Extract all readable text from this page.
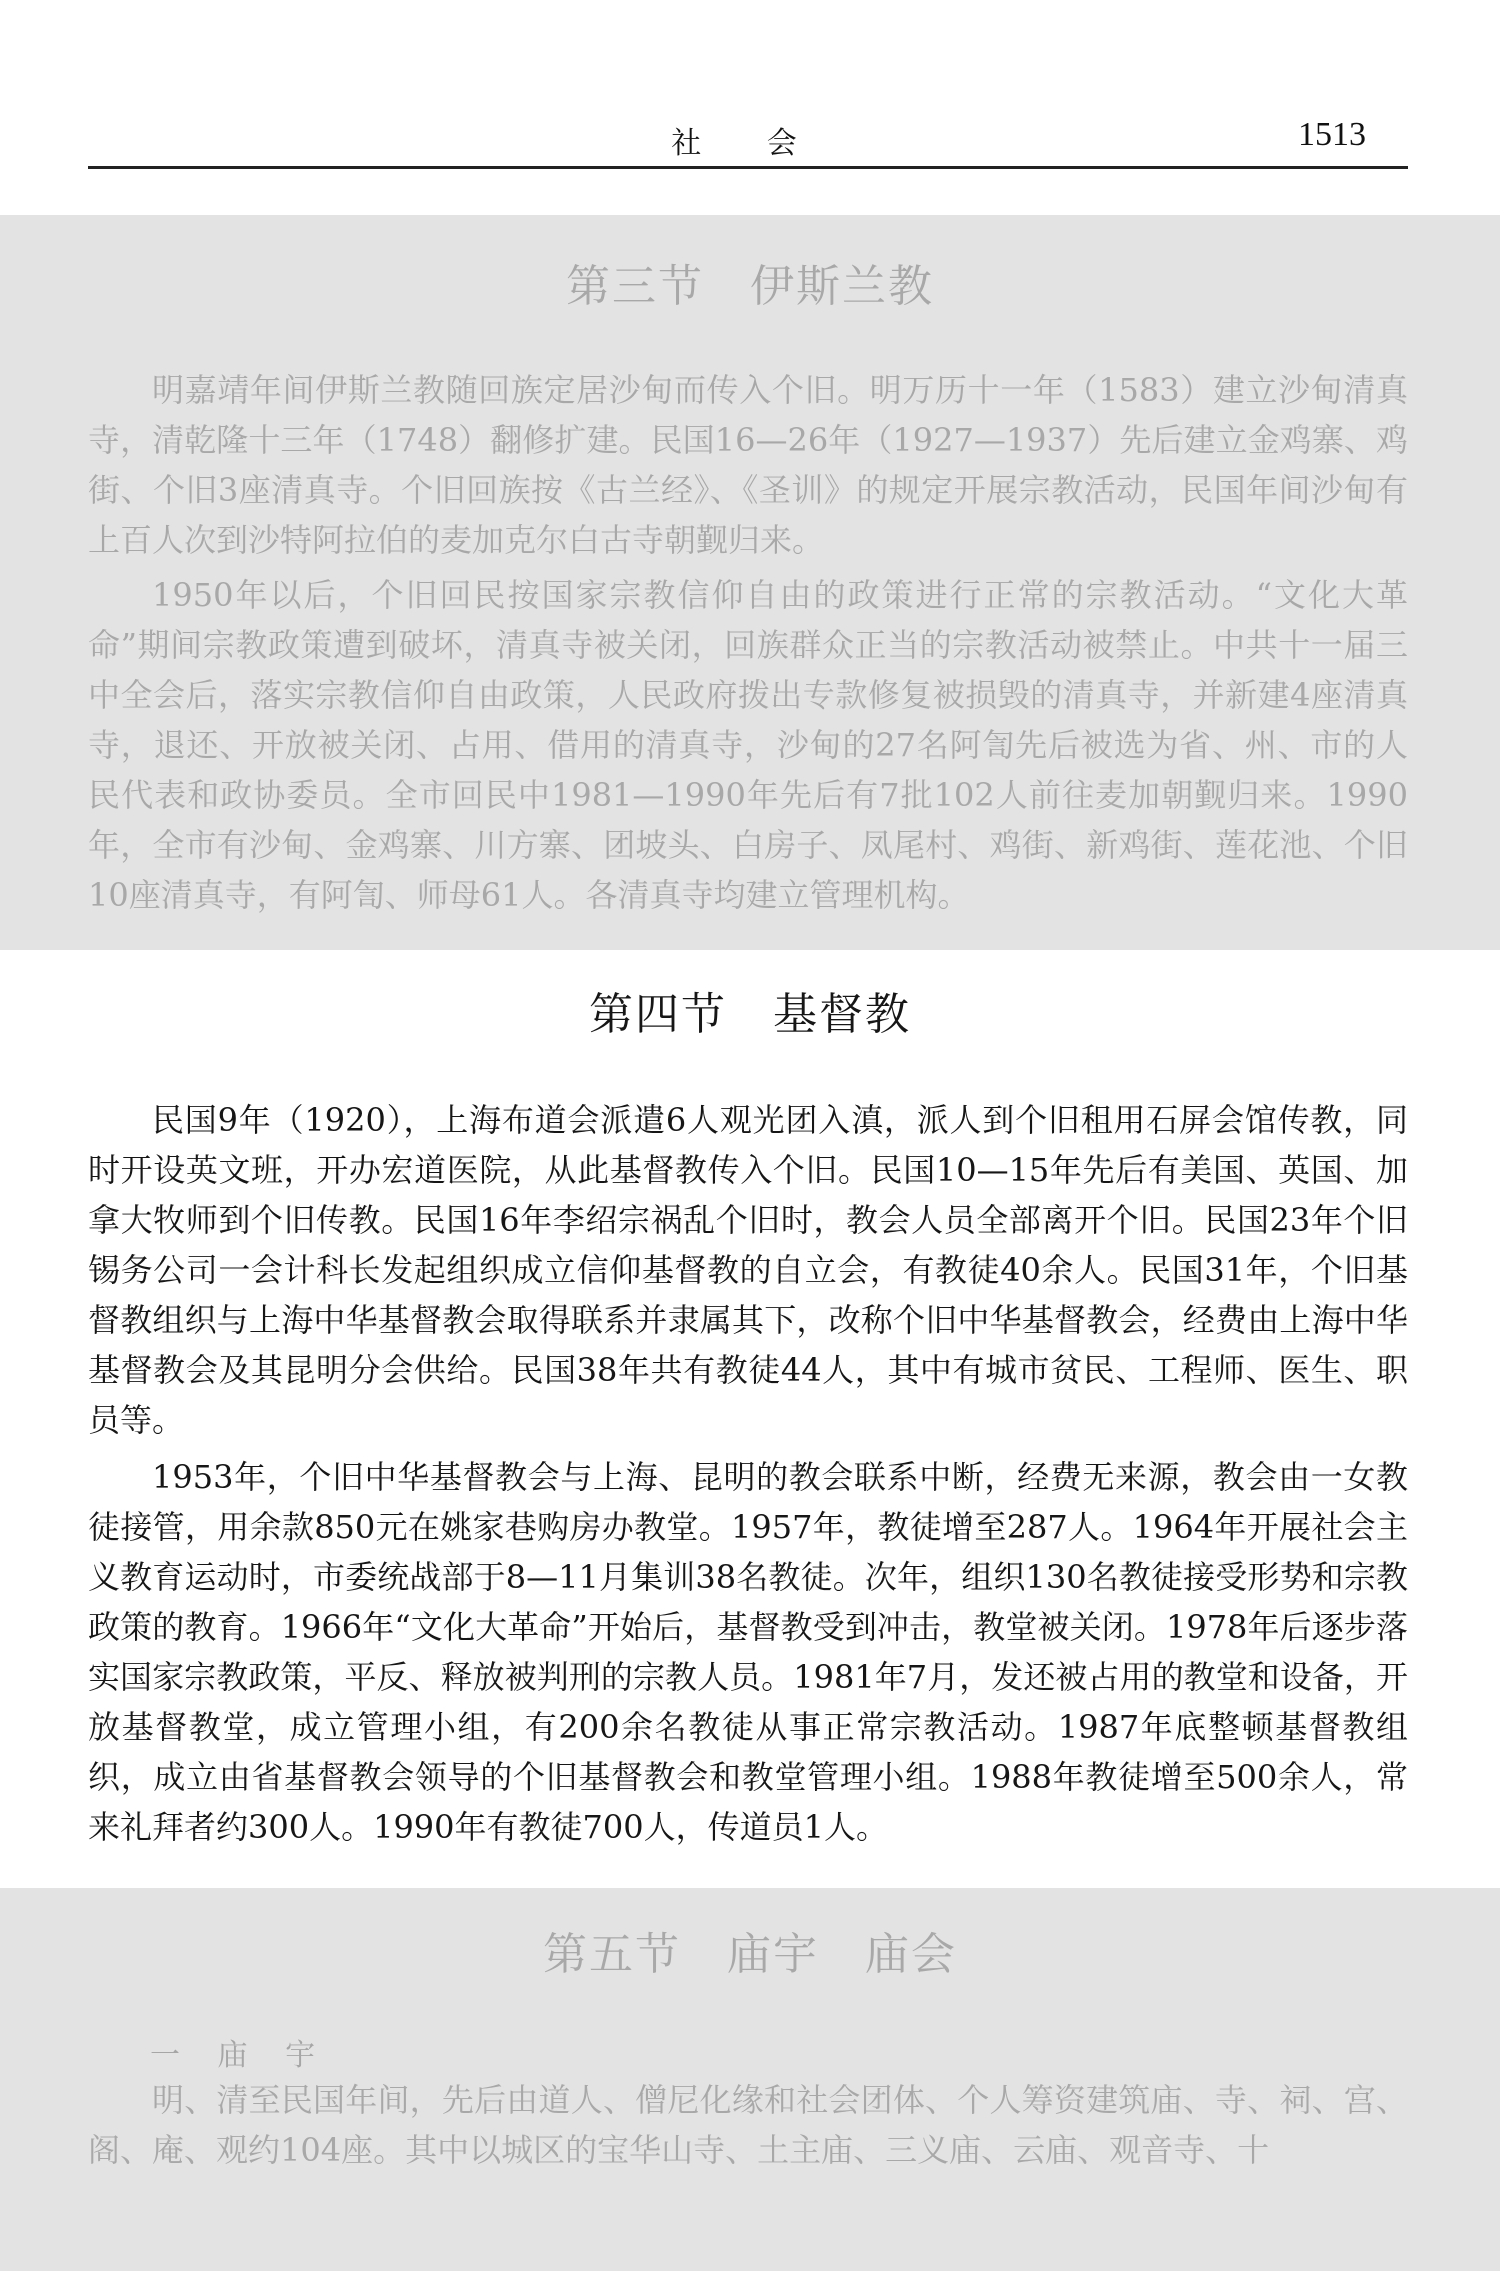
社 会	1513
第三节　伊斯兰教

明嘉靖年间伊斯兰教随回族定居沙甸而传入个旧。明万历十一年（1583）建立沙甸清真寺，清乾隆十三年（1748）翻修扩建。民国16—26年（1927—1937）先后建立金鸡寨、鸡街、个旧3座清真寺。个旧回族按《古兰经》、《圣训》的规定开展宗教活动，民国年间沙甸有上百人次到沙特阿拉伯的麦加克尔白古寺朝觐归来。

1950年以后，个旧回民按国家宗教信仰自由的政策进行正常的宗教活动。“文化大革命”期间宗教政策遭到破坏，清真寺被关闭，回族群众正当的宗教活动被禁止。中共十一届三中全会后，落实宗教信仰自由政策，人民政府拨出专款修复被损毁的清真寺，并新建4座清真寺，退还、开放被关闭、占用、借用的清真寺，沙甸的27名阿訇先后被选为省、州、市的人民代表和政协委员。全市回民中1981—1990年先后有7批102人前往麦加朝觐归来。1990年，全市有沙甸、金鸡寨、川方寨、团坡头、白房子、凤尾村、鸡街、新鸡街、莲花池、个旧10座清真寺，有阿訇、师母61人。各清真寺均建立管理机构。

第四节　基督教

民国9年（1920），上海布道会派遣6人观光团入滇，派人到个旧租用石屏会馆传教，同时开设英文班，开办宏道医院，从此基督教传入个旧。民国10—15年先后有美国、英国、加拿大牧师到个旧传教。民国16年李绍宗祸乱个旧时，教会人员全部离开个旧。民国23年个旧锡务公司一会计科长发起组织成立信仰基督教的自立会，有教徒40余人。民国31年，个旧基督教组织与上海中华基督教会取得联系并隶属其下，改称个旧中华基督教会，经费由上海中华基督教会及其昆明分会供给。民国38年共有教徒44人，其中有城市贫民、工程师、医生、职员等。

1953年，个旧中华基督教会与上海、昆明的教会联系中断，经费无来源，教会由一女教徒接管，用余款850元在姚家巷购房办教堂。1957年，教徒增至287人。1964年开展社会主义教育运动时，市委统战部于8—11月集训38名教徒。次年，组织130名教徒接受形势和宗教政策的教育。1966年“文化大革命”开始后，基督教受到冲击，教堂被关闭。1978年后逐步落实国家宗教政策，平反、释放被判刑的宗教人员。1981年7月，发还被占用的教堂和设备，开放基督教堂，成立管理小组，有200余名教徒从事正常宗教活动。1987年底整顿基督教组织，成立由省基督教会领导的个旧基督教会和教堂管理小组。1988年教徒增至500余人，常来礼拜者约300人。1990年有教徒700人，传道员1人。

第五节　庙宇　庙会
一 庙 宇

明、清至民国年间，先后由道人、僧尼化缘和社会团体、个人筹资建筑庙、寺、祠、宫、阁、庵、观约104座。其中以城区的宝华山寺、土主庙、三义庙、云庙、观音寺、十
